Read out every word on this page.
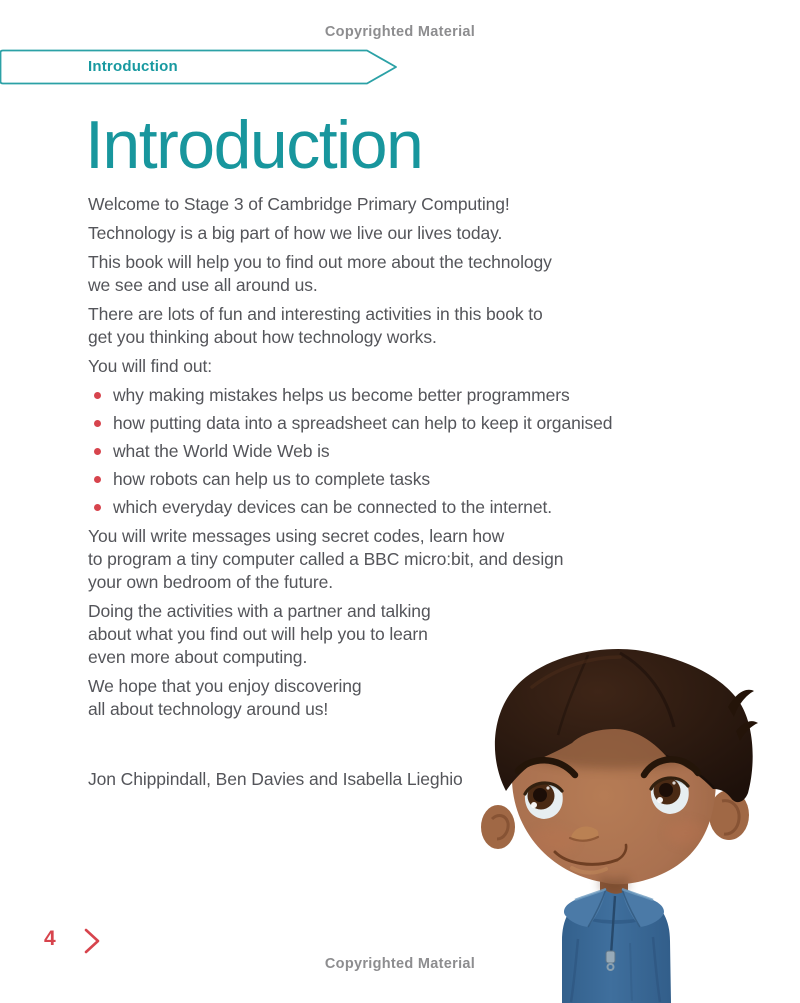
Copyrighted Material
Introduction
Introduction

Welcome to Stage 3 of Cambridge Primary Computing!

Technology is a big part of how we live our lives today.

This book will help you to find out more about the technology
we see and use all around us.

There are lots of fun and interesting activities in this book to
get you thinking about how technology works.

You will find out:

why making mistakes helps us become better programmers
how putting data into a spreadsheet can help to keep it organised
what the World Wide Web is
how robots can help us to complete tasks
which everyday devices can be connected to the internet.

You will write messages using secret codes, learn how
to program a tiny computer called a BBC micro:bit, and design
your own bedroom of the future.

Doing the activities with a partner and talking
about what you find out will help you to learn
even more about computing.

We hope that you enjoy discovering
all about technology around us!

Jon Chippindall, Ben Davies and Isabella Lieghio

4
Copyrighted Material
